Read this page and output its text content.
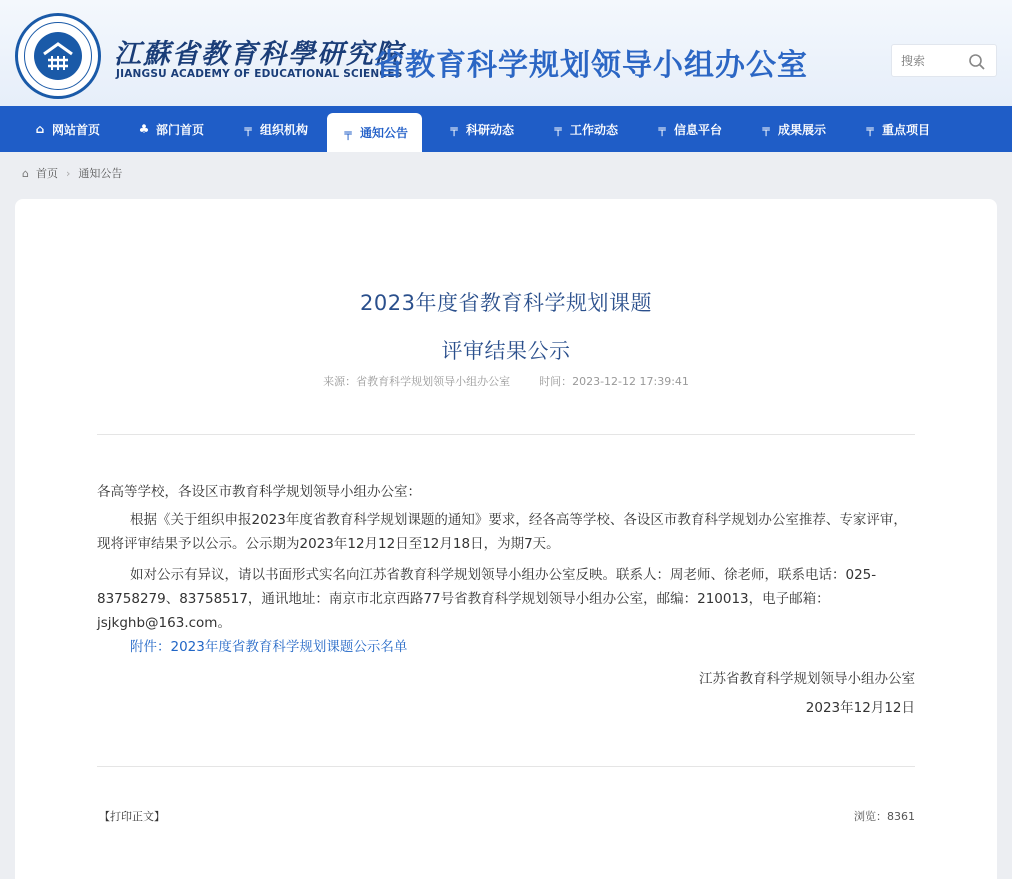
江蘇省教育科學研究院
JIANGSU ACADEMY OF EDUCATIONAL SCIENCES
省教育科学规划领导小组办公室
搜索
⌂ 网站首页	♣ 部门首页	╤ 组织机构	╤ 通知公告	╤ 科研动态	╤ 工作动态	╤ 信息平台	╤ 成果展示	╤ 重点项目
⌂ 首页 › 通知公告
2023年度省教育科学规划课题
评审结果公示
来源：省教育科学规划领导小组办公室	时间：2023-12-12 17:39:41
各高等学校，各设区市教育科学规划领导小组办公室：
根据《关于组织申报2023年度省教育科学规划课题的通知》要求，经各高等学校、各设区市教育科学规划办公室推荐、专家评审，现将评审结果予以公示。公示期为2023年12月12日至12月18日，为期7天。
如对公示有异议，请以书面形式实名向江苏省教育科学规划领导小组办公室反映。联系人：周老师、徐老师，联系电话：025-83758279、83758517，通讯地址：南京市北京西路77号省教育科学规划领导小组办公室，邮编：210013，电子邮箱：jsjkghb@163.com。
附件：2023年度省教育科学规划课题公示名单
江苏省教育科学规划领导小组办公室
2023年12月12日
【打印正文】	浏览：8361
